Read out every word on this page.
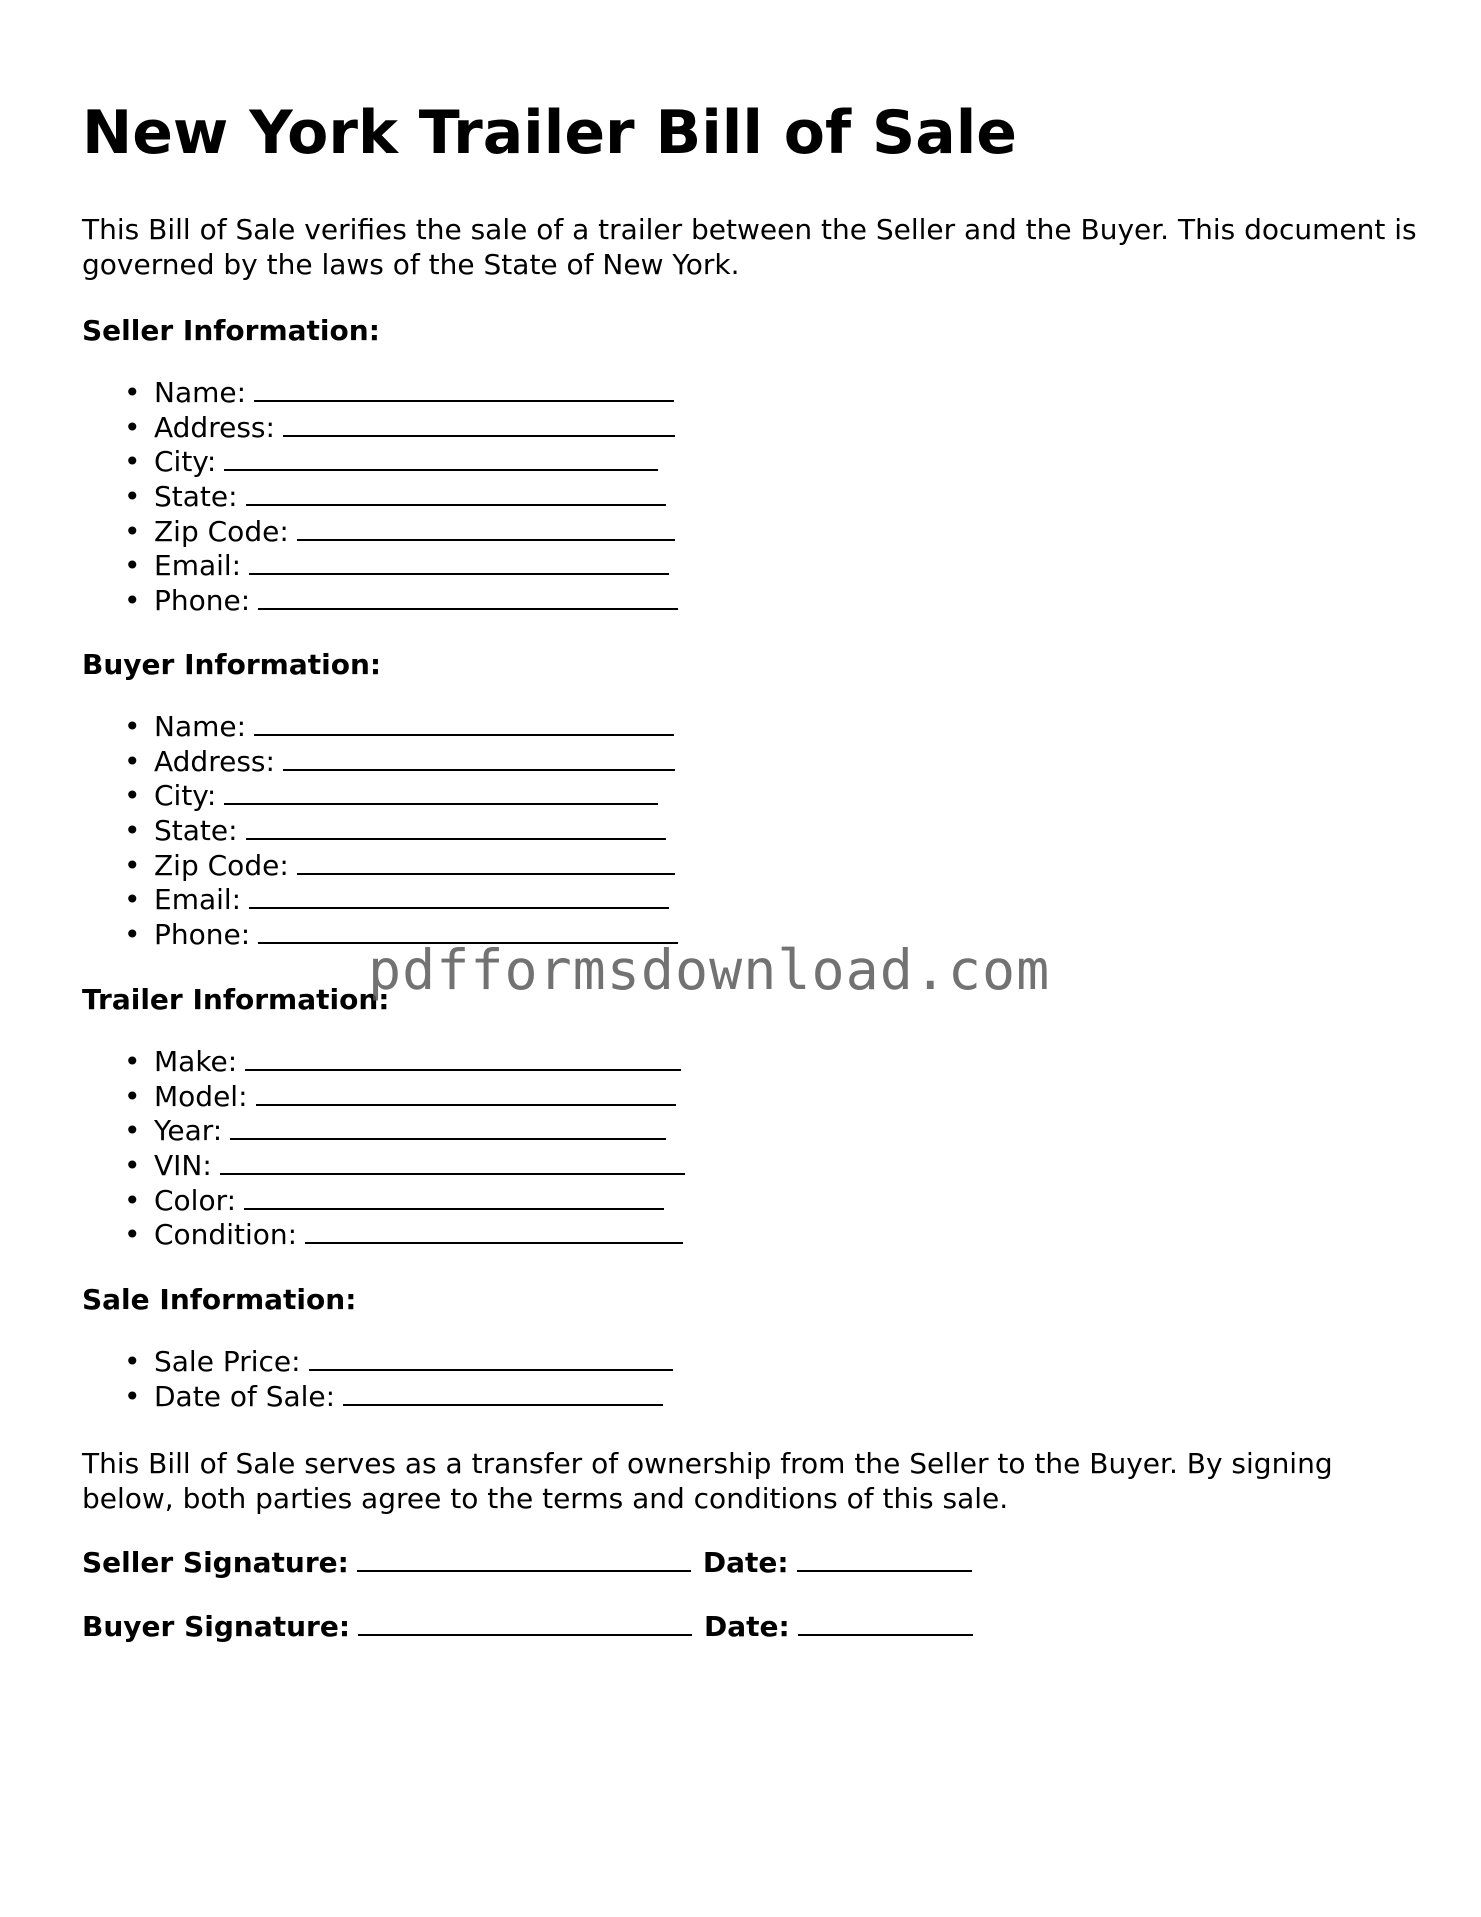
New York Trailer Bill of Sale

This Bill of Sale verifies the sale of a trailer between the Seller and the Buyer. This document is governed by the laws of the State of New York.

Seller Information:
• Name:
• Address:
• City:
• State:
• Zip Code:
• Email:
• Phone:
Buyer Information:
• Name:
• Address:
• City:
• State:
• Zip Code:
• Email:
• Phone:
Trailer Information:
• Make:
• Model:
• Year:
• VIN:
• Color:
• Condition:
Sale Information:
• Sale Price:
• Date of Sale:

This Bill of Sale serves as a transfer of ownership from the Seller to the Buyer. By signing below, both parties agree to the terms and conditions of this sale.

Seller Signature:	Date:
Buyer Signature:	Date:
pdfformsdownload.com
